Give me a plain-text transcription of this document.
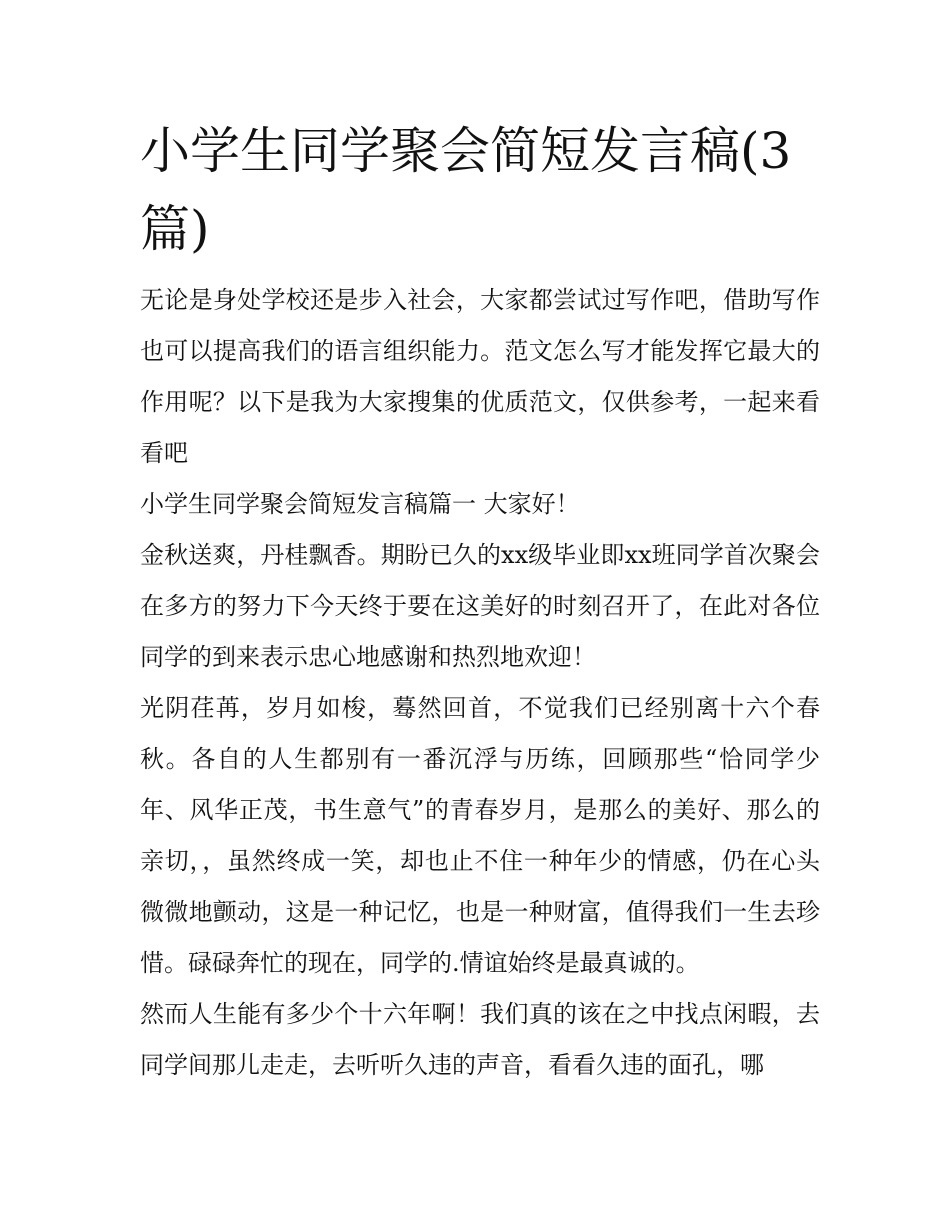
小学生同学聚会简短发言稿(3篇)

无论是身处学校还是步入社会，大家都尝试过写作吧，借助写作也可以提高我们的语言组织能力。范文怎么写才能发挥它最大的作用呢？以下是我为大家搜集的优质范文，仅供参考，一起来看看吧

小学生同学聚会简短发言稿篇一 大家好！

金秋送爽，丹桂飘香。期盼已久的xx级毕业即xx班同学首次聚会在多方的努力下今天终于要在这美好的时刻召开了，在此对各位同学的到来表示忠心地感谢和热烈地欢迎！

光阴荏苒，岁月如梭，蓦然回首，不觉我们已经别离十六个春秋。各自的人生都别有一番沉浮与历练，回顾那些“恰同学少年、风华正茂，书生意气”的青春岁月，是那么的美好、那么的亲切，，虽然终成一笑，却也止不住一种年少的情感，仍在心头微微地颤动，这是一种记忆，也是一种财富，值得我们一生去珍惜。碌碌奔忙的现在，同学的.情谊始终是最真诚的。

然而人生能有多少个十六年啊！我们真的该在之中找点闲暇，去同学间那儿走走，去听听久违的声音，看看久违的面孔，哪
